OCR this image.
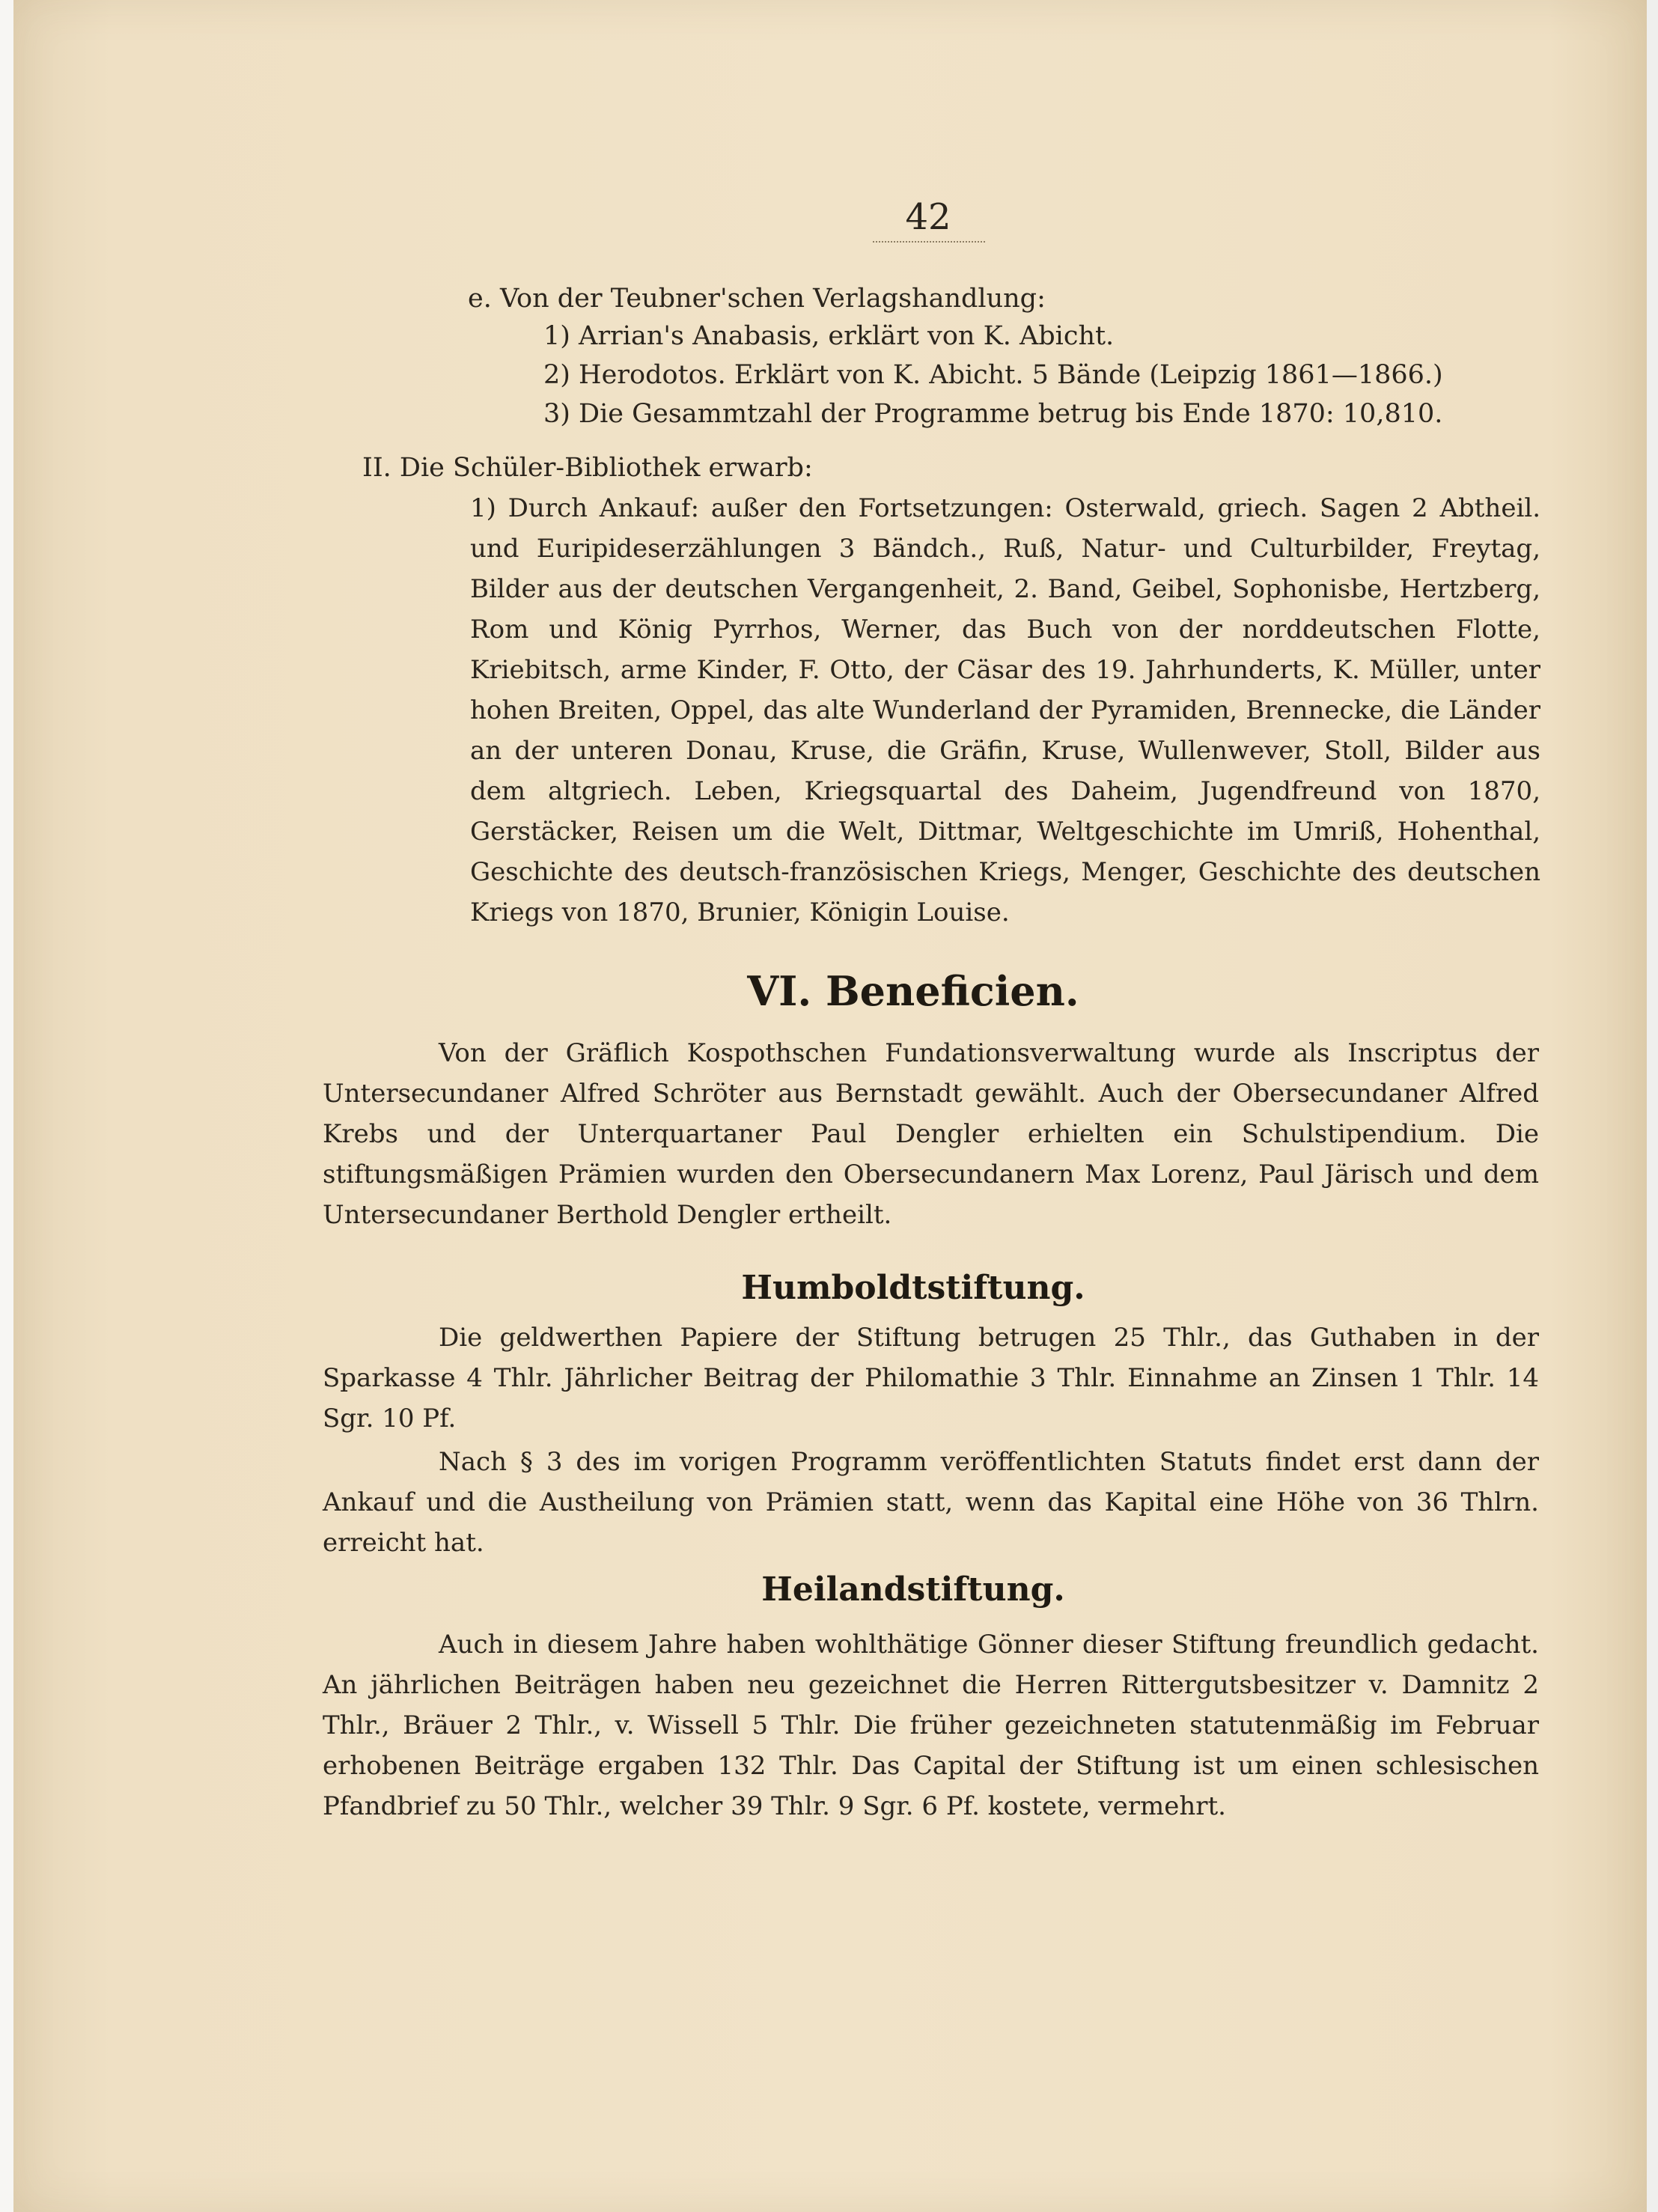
42
e. Von der Teubner'schen Verlagshandlung:
1) Arrian's Anabasis, erklärt von K. Abicht.
2) Herodotos. Erklärt von K. Abicht. 5 Bände (Leipzig 1861—1866.)
3) Die Gesammtzahl der Programme betrug bis Ende 1870: 10,810.
II. Die Schüler-Bibliothek erwarb:

1) Durch Ankauf: außer den Fortsetzungen: Osterwald, griech. Sagen 2 Abtheil. und Euripideserzählungen 3 Bändch., Ruß, Natur- und Culturbilder, Freytag, Bilder aus der deutschen Vergangenheit, 2. Band, Geibel, Sophonisbe, Hertzberg, Rom und König Pyrrhos, Werner, das Buch von der norddeutschen Flotte, Kriebitsch, arme Kinder, F. Otto, der Cäsar des 19. Jahrhunderts, K. Müller, unter hohen Breiten, Oppel, das alte Wunderland der Pyramiden, Brennecke, die Länder an der unteren Donau, Kruse, die Gräfin, Kruse, Wullenwever, Stoll, Bilder aus dem altgriech. Leben, Kriegsquartal des Daheim, Jugendfreund von 1870, Gerstäcker, Reisen um die Welt, Dittmar, Weltgeschichte im Umriß, Hohenthal, Geschichte des deutsch-französischen Kriegs, Menger, Geschichte des deutschen Kriegs von 1870, Brunier, Königin Louise.

VI. Beneficien.

Von der Gräflich Kospothschen Fundationsverwaltung wurde als Inscriptus der Untersecundaner Alfred Schröter aus Bernstadt gewählt. Auch der Obersecundaner Alfred Krebs und der Unterquartaner Paul Dengler erhielten ein Schulstipendium. Die stiftungsmäßigen Prämien wurden den Obersecundanern Max Lorenz, Paul Järisch und dem Untersecundaner Berthold Dengler ertheilt.

Humboldtstiftung.

Die geldwerthen Papiere der Stiftung betrugen 25 Thlr., das Guthaben in der Sparkasse 4 Thlr. Jährlicher Beitrag der Philomathie 3 Thlr. Einnahme an Zinsen 1 Thlr. 14 Sgr. 10 Pf.

Nach § 3 des im vorigen Programm veröffentlichten Statuts findet erst dann der Ankauf und die Austheilung von Prämien statt, wenn das Kapital eine Höhe von 36 Thlrn. erreicht hat.

Heilandstiftung.

Auch in diesem Jahre haben wohlthätige Gönner dieser Stiftung freundlich gedacht. An jährlichen Beiträgen haben neu gezeichnet die Herren Rittergutsbesitzer v. Damnitz 2 Thlr., Bräuer 2 Thlr., v. Wissell 5 Thlr. Die früher gezeichneten statutenmäßig im Februar erhobenen Beiträge ergaben 132 Thlr. Das Capital der Stiftung ist um einen schlesischen Pfandbrief zu 50 Thlr., welcher 39 Thlr. 9 Sgr. 6 Pf. kostete, vermehrt.
